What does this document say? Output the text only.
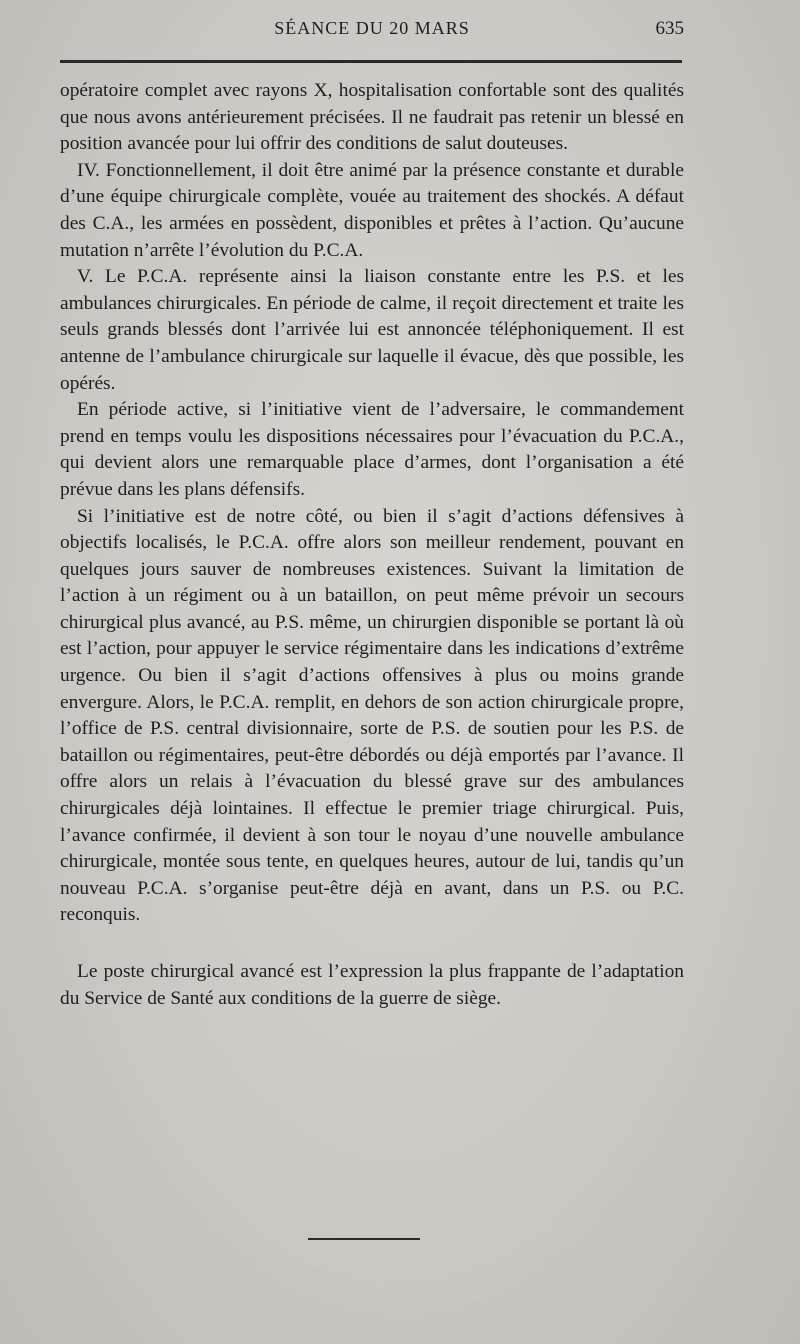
SÉANCE DU 20 MARS	635

opératoire complet avec rayons X, hospitalisation confortable sont des qualités que nous avons antérieurement précisées. Il ne faudrait pas retenir un blessé en position avancée pour lui offrir des conditions de salut douteuses.

IV. Fonctionnellement, il doit être animé par la présence constante et durable d’une équipe chirurgicale complète, vouée au traitement des shockés. A défaut des C.A., les armées en possèdent, disponibles et prêtes à l’action. Qu’aucune mutation n’arrête l’évolution du P.C.A.

V. Le P.C.A. représente ainsi la liaison constante entre les P.S. et les ambulances chirurgicales. En période de calme, il reçoit directement et traite les seuls grands blessés dont l’arrivée lui est annoncée téléphoniquement. Il est antenne de l’ambulance chirurgicale sur laquelle il évacue, dès que possible, les opérés.

En période active, si l’initiative vient de l’adversaire, le commandement prend en temps voulu les dispositions nécessaires pour l’évacuation du P.C.A., qui devient alors une remarquable place d’armes, dont l’organisation a été prévue dans les plans défensifs.

Si l’initiative est de notre côté, ou bien il s’agit d’actions défensives à objectifs localisés, le P.C.A. offre alors son meilleur rendement, pouvant en quelques jours sauver de nombreuses existences. Suivant la limitation de l’action à un régiment ou à un bataillon, on peut même prévoir un secours chirurgical plus avancé, au P.S. même, un chirurgien disponible se portant là où est l’action, pour appuyer le service régimentaire dans les indications d’extrême urgence. Ou bien il s’agit d’actions offensives à plus ou moins grande envergure. Alors, le P.C.A. remplit, en dehors de son action chirurgicale propre, l’office de P.S. central divisionnaire, sorte de P.S. de soutien pour les P.S. de bataillon ou régimentaires, peut-être débordés ou déjà emportés par l’avance. Il offre alors un relais à l’évacuation du blessé grave sur des ambulances chirurgicales déjà lointaines. Il effectue le premier triage chirurgical. Puis, l’avance confirmée, il devient à son tour le noyau d’une nouvelle ambulance chirurgicale, montée sous tente, en quelques heures, autour de lui, tandis qu’un nouveau P.C.A. s’organise peut-être déjà en avant, dans un P.S. ou P.C. reconquis.

Le poste chirurgical avancé est l’expression la plus frappante de l’adaptation du Service de Santé aux conditions de la guerre de siège.
